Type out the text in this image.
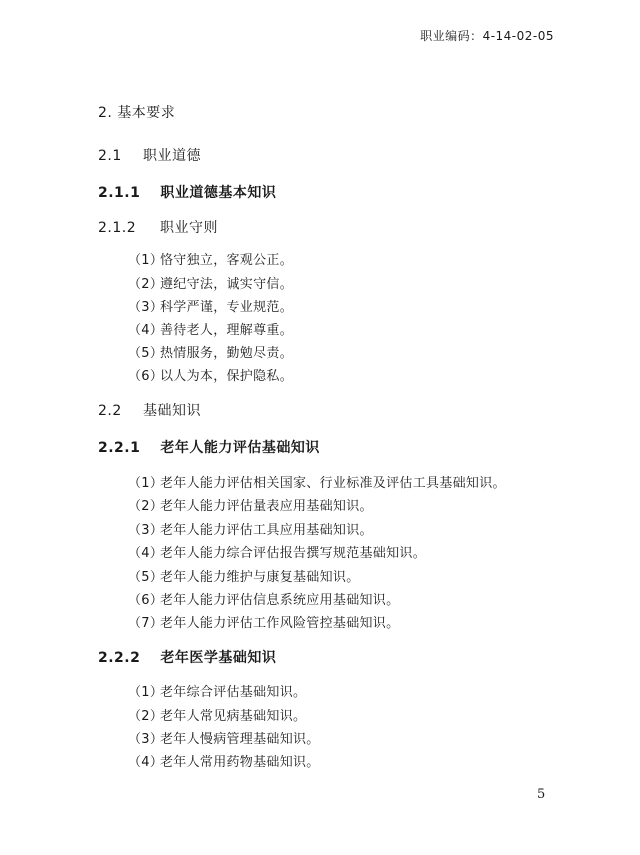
职业编码：4-14-02-05
2. 基本要求
2.1 职业道德
2.1.1 职业道德基本知识
2.1.2 职业守则
（1）恪守独立，客观公正。
（2）遵纪守法，诚实守信。
（3）科学严谨，专业规范。
（4）善待老人，理解尊重。
（5）热情服务，勤勉尽责。
（6）以人为本，保护隐私。
2.2 基础知识
2.2.1 老年人能力评估基础知识
（1）老年人能力评估相关国家、行业标准及评估工具基础知识。
（2）老年人能力评估量表应用基础知识。
（3）老年人能力评估工具应用基础知识。
（4）老年人能力综合评估报告撰写规范基础知识。
（5）老年人能力维护与康复基础知识。
（6）老年人能力评估信息系统应用基础知识。
（7）老年人能力评估工作风险管控基础知识。
2.2.2 老年医学基础知识
（1）老年综合评估基础知识。
（2）老年人常见病基础知识。
（3）老年人慢病管理基础知识。
（4）老年人常用药物基础知识。
5
